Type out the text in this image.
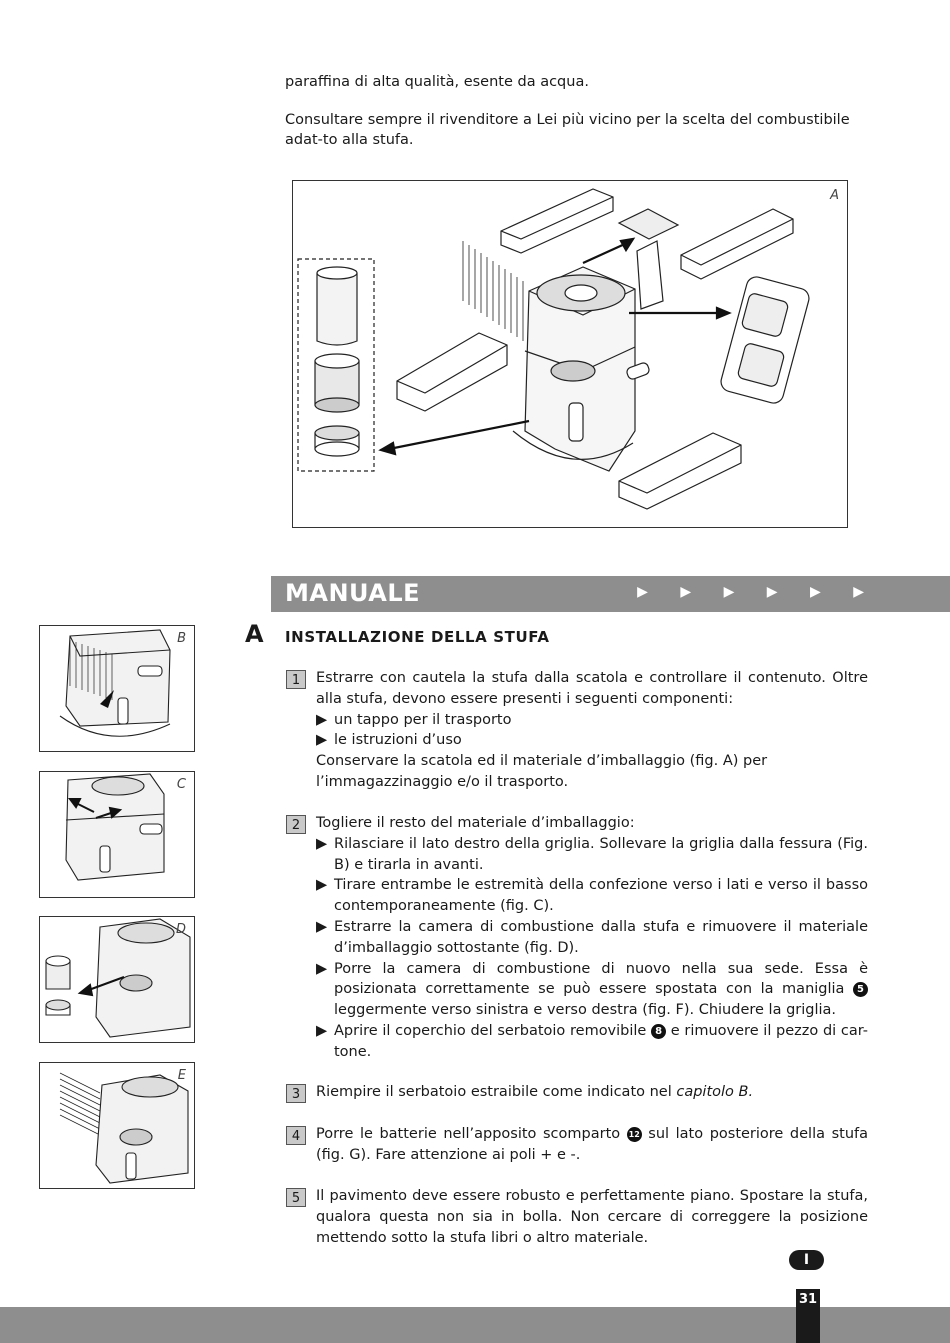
paraffina di alta qualità, esente da acqua.
Consultare sempre il rivenditore a Lei più vicino per la scelta del combustibile adat-to alla stufa.
A
MANUALE	▶ ▶ ▶ ▶ ▶ ▶
A INSTALLAZIONE DELLA STUFA
1	Estrarre con cautela la stufa dalla scatola e controllare il contenuto. Oltre alla stufa, devono essere presenti i seguenti componenti:
▶ un tappo per il trasporto
▶ le istruzioni d’uso
Conservare la scatola ed il materiale d’imballaggio (fig. A) per l’immagazzinaggio e/o il trasporto.
2	Togliere il resto del materiale d’imballaggio:
▶ Rilasciare il lato destro della griglia. Sollevare la griglia dalla fessura (Fig. B) e tirarla in avanti.
▶ Tirare entrambe le estremità della confezione verso i lati e verso il basso contemporaneamente (fig. C).
▶ Estrarre la camera di combustione dalla stufa e rimuovere il materiale d’imballaggio sottostante (fig. D).
▶ Porre la camera di combustione di nuovo nella sua sede. Essa è posizionata correttamente se può essere spostata con la maniglia 5 leggermente verso sinistra e verso destra (fig. F). Chiudere la griglia.
▶ Aprire il coperchio del serbatoio removibile 8 e rimuovere il pezzo di car-tone.
3	Riempire il serbatoio estraibile come indicato nel capitolo B.
4	Porre le batterie nell’apposito scomparto 12 sul lato posteriore della stufa (fig. G). Fare attenzione ai poli + e -.
5	Il pavimento deve essere robusto e perfettamente piano. Spostare la stufa, qualora questa non sia in bolla. Non cercare di correggere la posizione mettendo sotto la stufa libri o altro materiale.
B
C
D
E
I
31
